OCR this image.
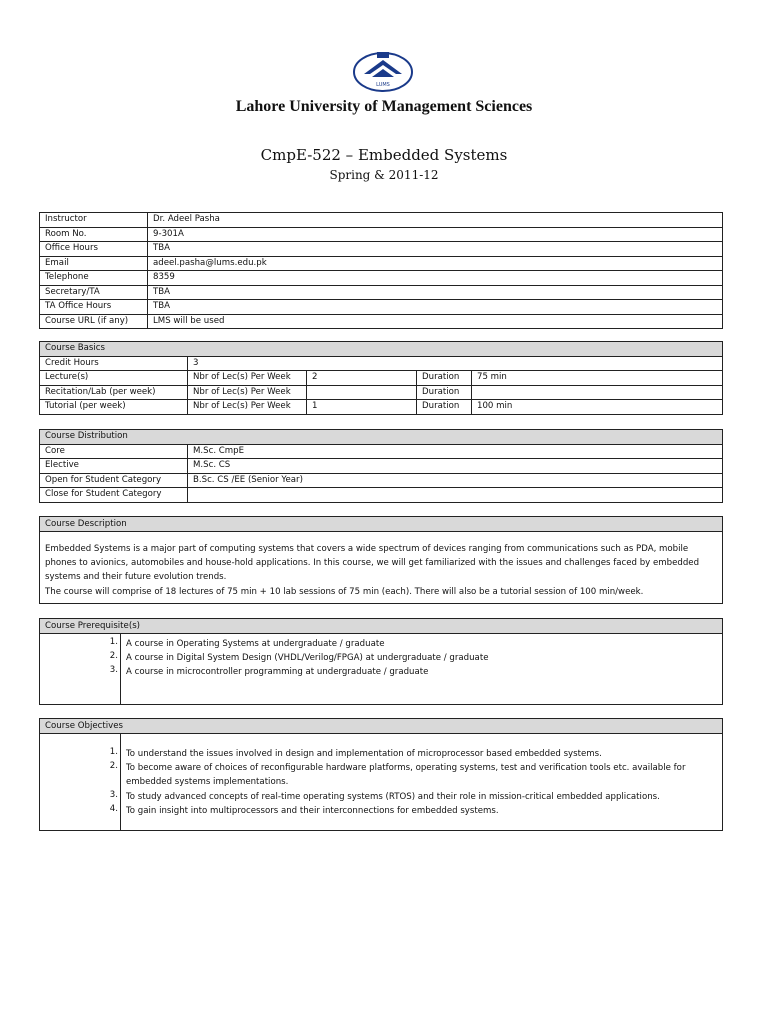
LUMS
Lahore University of Management Sciences
CmpE-522 – Embedded Systems
Spring & 2011-12
Instructor	Dr. Adeel Pasha
Room No.	9-301A
Office Hours	TBA
Email	adeel.pasha@lums.edu.pk
Telephone	8359
Secretary/TA	TBA
TA Office Hours	TBA
Course URL (if any)	LMS will be used
Course Basics				
Credit Hours	3			
Lecture(s)	Nbr of Lec(s) Per Week	2	Duration	75 min
Recitation/Lab (per week)	Nbr of Lec(s) Per Week		Duration	
Tutorial (per week)	Nbr of Lec(s) Per Week	1	Duration	100 min
Course Distribution	
Core	M.Sc. CmpE
Elective	M.Sc. CS
Open for Student Category	B.Sc. CS /EE (Senior Year)
Close for Student Category	
Course Description

Embedded Systems is a major part of computing systems that covers a wide spectrum of devices ranging from communications such as PDA, mobile phones to avionics, automobiles and house-hold applications. In this course, we will get familiarized with the issues and challenges faced by embedded systems and their future evolution trends.

The course will comprise of 18 lectures of 75 min + 10 lab sessions of 75 min (each). There will also be a tutorial session of 100 min/week.

Course Prerequisite(s)
1. A course in Operating Systems at undergraduate / graduate
2. A course in Digital System Design (VHDL/Verilog/FPGA) at undergraduate / graduate
3. A course in microcontroller programming at undergraduate / graduate
Course Objectives
1. To understand the issues involved in design and implementation of microprocessor based embedded systems.
2. To become aware of choices of reconfigurable hardware platforms, operating systems, test and verification tools etc. available for embedded systems implementations.
3. To study advanced concepts of real-time operating systems (RTOS) and their role in mission-critical embedded applications.
4. To gain insight into multiprocessors and their interconnections for embedded systems.
